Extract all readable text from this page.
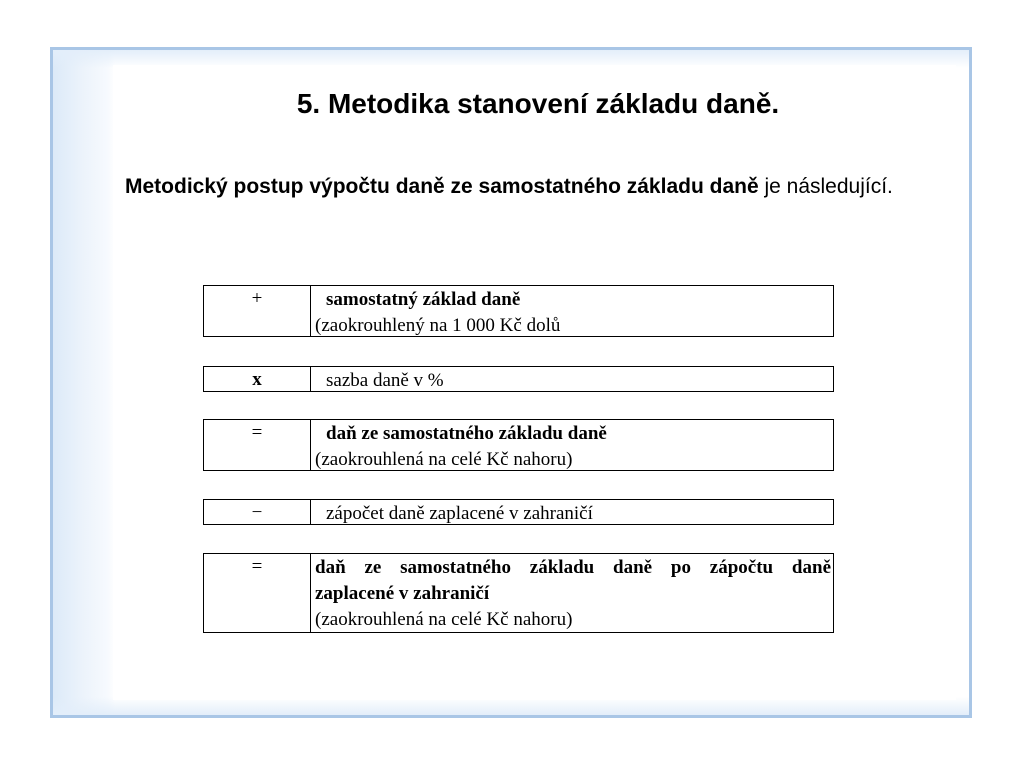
5. Metodika stanovení základu daně.

Metodický postup výpočtu daně ze samostatného základu daně je následující.

+	samostatný základ daně
(zaokrouhlený na 1 000 Kč dolů
x	sazba daně v %
=	daň ze samostatného základu daně
(zaokrouhlená na celé Kč nahoru)
−	zápočet daně zaplacené v zahraničí
=	daň ze samostatného základu daně po zápočtu daně
zaplacené v zahraničí
(zaokrouhlená na celé Kč nahoru)
